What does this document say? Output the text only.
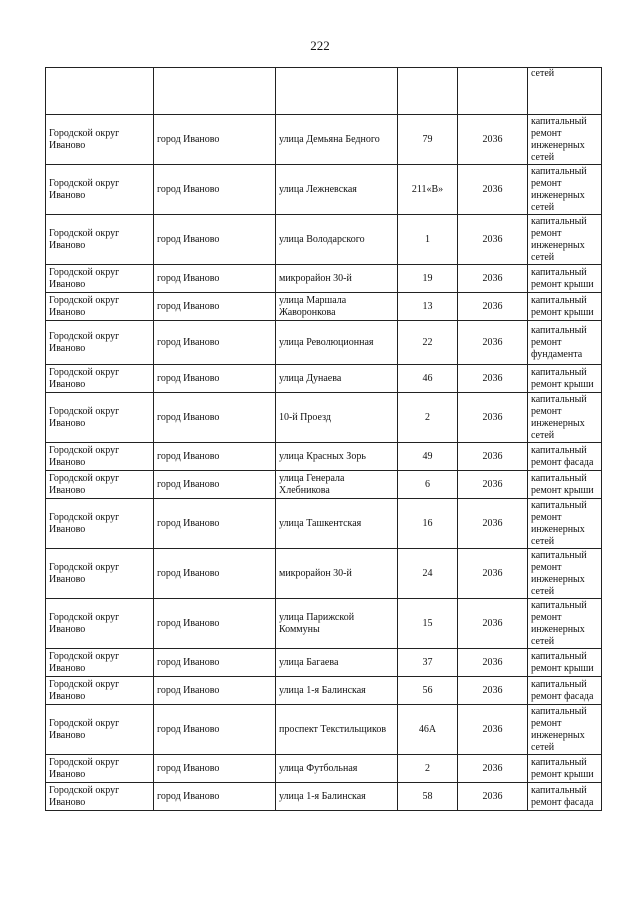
222
					сетей
Городской округ Иваново	город Иваново	улица Демьяна Бедного	79	2036	капитальный ремонт инженерных сетей
Городской округ Иваново	город Иваново	улица Лежневская	211«В»	2036	капитальный ремонт инженерных сетей
Городской округ Иваново	город Иваново	улица Володарского	1	2036	капитальный ремонт инженерных сетей
Городской округ Иваново	город Иваново	микрорайон 30-й	19	2036	капитальный ремонт крыши
Городской округ Иваново	город Иваново	улица Маршала Жаворонкова	13	2036	капитальный ремонт крыши
Городской округ Иваново	город Иваново	улица Революционная	22	2036	капитальный ремонт фундамента
Городской округ Иваново	город Иваново	улица Дунаева	46	2036	капитальный ремонт крыши
Городской округ Иваново	город Иваново	10-й Проезд	2	2036	капитальный ремонт инженерных сетей
Городской округ Иваново	город Иваново	улица Красных Зорь	49	2036	капитальный ремонт фасада
Городской округ Иваново	город Иваново	улица Генерала Хлебникова	6	2036	капитальный ремонт крыши
Городской округ Иваново	город Иваново	улица Ташкентская	16	2036	капитальный ремонт инженерных сетей
Городской округ Иваново	город Иваново	микрорайон 30-й	24	2036	капитальный ремонт инженерных сетей
Городской округ Иваново	город Иваново	улица Парижской Коммуны	15	2036	капитальный ремонт инженерных сетей
Городской округ Иваново	город Иваново	улица Багаева	37	2036	капитальный ремонт крыши
Городской округ Иваново	город Иваново	улица 1-я Балинская	56	2036	капитальный ремонт фасада
Городской округ Иваново	город Иваново	проспект Текстильщиков	46А	2036	капитальный ремонт инженерных сетей
Городской округ Иваново	город Иваново	улица Футбольная	2	2036	капитальный ремонт крыши
Городской округ Иваново	город Иваново	улица 1-я Балинская	58	2036	капитальный ремонт фасада
